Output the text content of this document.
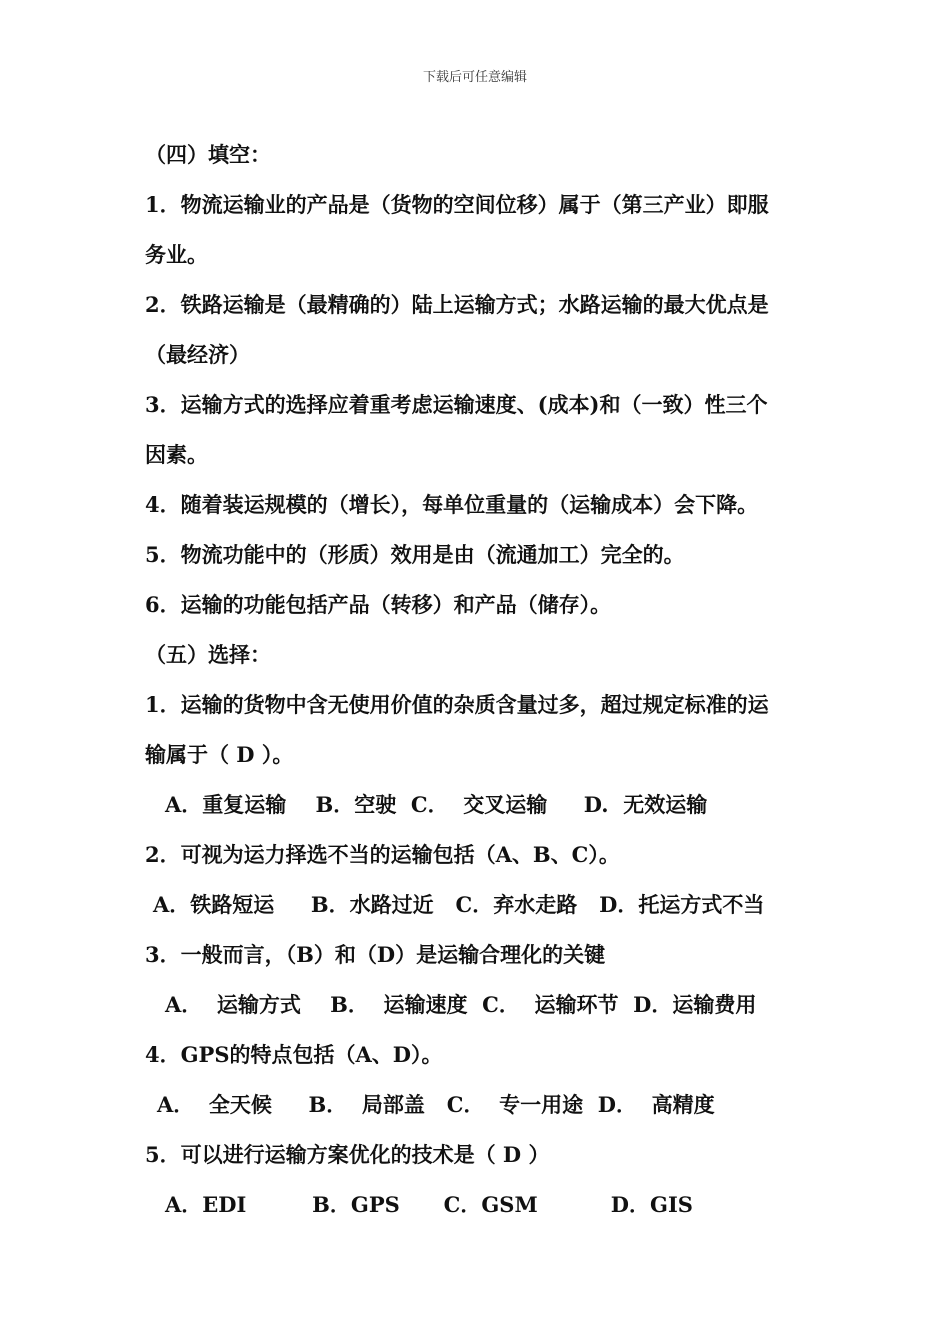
下载后可任意编辑
（四）填空：
1．物流运输业的产品是（货物的空间位移）属于（第三产业）即服
务业。
2．铁路运输是（最精确的）陆上运输方式；水路运输的最大优点是
（最经济）
3．运输方式的选择应着重考虑运输速度、(成本)和（一致）性三个
因素。
4．随着装运规模的（增长），每单位重量的（运输成本）会下降。
5．物流功能中的（形质）效用是由（流通加工）完全的。
6．运输的功能包括产品（转移）和产品（储存）。
（五）选择：
1．运输的货物中含无使用价值的杂质含量过多，超过规定标准的运
输属于（ D ）。
A．重复运输    B．空驶  C．  交叉运输     D.  无效运输
2．可视为运力择选不当的运输包括（A、B、C）。
A．铁路短运     B．水路过近   C．弃水走路   D．托运方式不当
3．一般而言，（B）和（D）是运输合理化的关键
A．  运输方式    B．  运输速度  C．  运输环节  D．运输费用
4．GPS的特点包括（A、D）。
A．  全天候     B．  局部盖   C．  专一用途  D．  高精度
5．可以进行运输方案优化的技术是（ D ）
A．EDI         B．GPS      C．GSM          D．GIS
